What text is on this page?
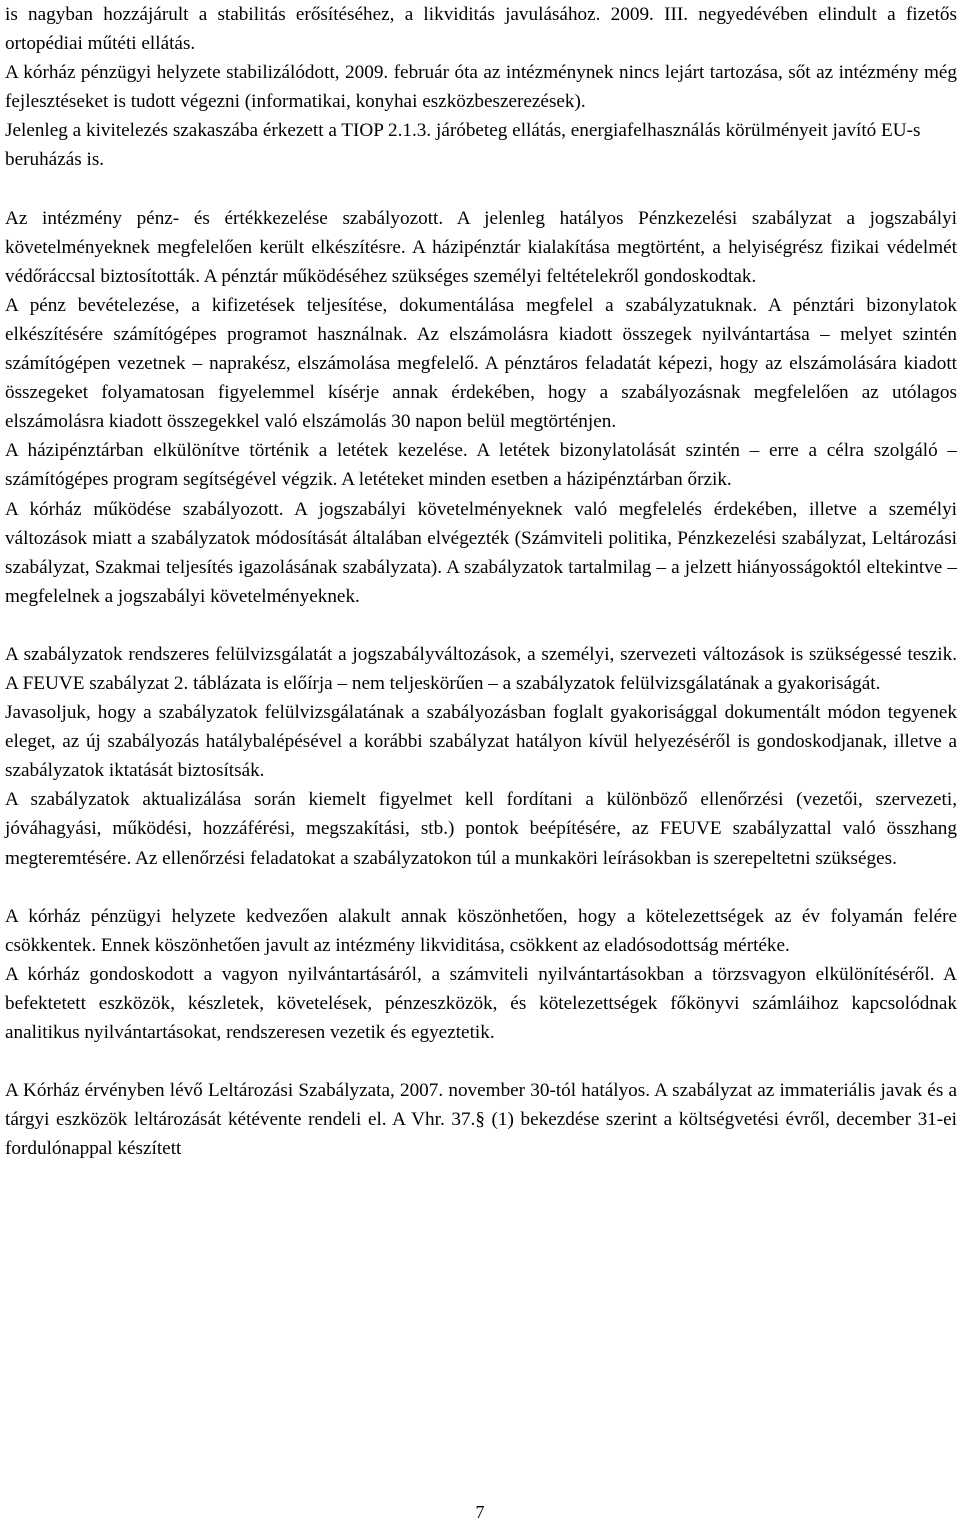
is nagyban hozzájárult a stabilitás erősítéséhez, a likviditás javulásához. 2009. III. negyedévében elindult a fizetős ortopédiai műtéti ellátás.

A kórház pénzügyi helyzete stabilizálódott, 2009. február óta az intézménynek nincs lejárt tartozása, sőt az intézmény még fejlesztéseket is tudott végezni (informatikai, konyhai eszközbeszerezések).

Jelenleg a kivitelezés szakaszába érkezett a TIOP 2.1.3. járóbeteg ellátás, energiafelhasználás körülményeit javító EU-s beruházás is.

Az intézmény pénz- és értékkezelése szabályozott. A jelenleg hatályos Pénzkezelési szabályzat a jogszabályi követelményeknek megfelelően került elkészítésre. A házipénztár kialakítása megtörtént, a helyiségrész fizikai védelmét védőráccsal biztosították. A pénztár működéséhez szükséges személyi feltételekről gondoskodtak.

A pénz bevételezése, a kifizetések teljesítése, dokumentálása megfelel a szabályzatuknak. A pénztári bizonylatok elkészítésére számítógépes programot használnak. Az elszámolásra kiadott összegek nyilvántartása – melyet szintén számítógépen vezetnek – naprakész, elszámolása megfelelő. A pénztáros feladatát képezi, hogy az elszámolására kiadott összegeket folyamatosan figyelemmel kísérje annak érdekében, hogy a szabályozásnak megfelelően az utólagos elszámolásra kiadott összegekkel való elszámolás 30 napon belül megtörténjen.

A házipénztárban elkülönítve történik a letétek kezelése. A letétek bizonylatolását szintén – erre a célra szolgáló – számítógépes program segítségével végzik. A letéteket minden esetben a házipénztárban őrzik.

A kórház működése szabályozott. A jogszabályi követelményeknek való megfelelés érdekében, illetve a személyi változások miatt a szabályzatok módosítását általában elvégezték (Számviteli politika, Pénzkezelési szabályzat, Leltározási szabályzat, Szakmai teljesítés igazolásának szabályzata). A szabályzatok tartalmilag – a jelzett hiányosságoktól eltekintve – megfelelnek a jogszabályi követelményeknek.

A szabályzatok rendszeres felülvizsgálatát a jogszabályváltozások, a személyi, szervezeti változások is szükségessé teszik. A FEUVE szabályzat 2. táblázata is előírja – nem teljeskörűen – a szabályzatok felülvizsgálatának a gyakoriságát.

Javasoljuk, hogy a szabályzatok felülvizsgálatának a szabályozásban foglalt gyakorisággal dokumentált módon tegyenek eleget, az új szabályozás hatálybalépésével a korábbi szabályzat hatályon kívül helyezéséről is gondoskodjanak, illetve a szabályzatok iktatását biztosítsák.

A szabályzatok aktualizálása során kiemelt figyelmet kell fordítani a különböző ellenőrzési (vezetői, szervezeti, jóváhagyási, működési, hozzáférési, megszakítási, stb.) pontok beépítésére, az FEUVE szabályzattal való összhang megteremtésére. Az ellenőrzési feladatokat a szabályzatokon túl a munkaköri leírásokban is szerepeltetni szükséges.

A kórház pénzügyi helyzete kedvezően alakult annak köszönhetően, hogy a kötelezettségek az év folyamán felére csökkentek. Ennek köszönhetően javult az intézmény likviditása, csökkent az eladósodottság mértéke.

A kórház gondoskodott a vagyon nyilvántartásáról, a számviteli nyilvántartásokban a törzsvagyon elkülönítéséről. A befektetett eszközök, készletek, követelések, pénzeszközök, és kötelezettségek főkönyvi számláihoz kapcsolódnak analitikus nyilvántartásokat, rendszeresen vezetik és egyeztetik.

A Kórház érvényben lévő Leltározási Szabályzata, 2007. november 30-tól hatályos. A szabályzat az immateriális javak és a tárgyi eszközök leltározását kétévente rendeli el. A Vhr. 37.§ (1) bekezdése szerint a költségvetési évről, december 31-ei fordulónappal készített

7
